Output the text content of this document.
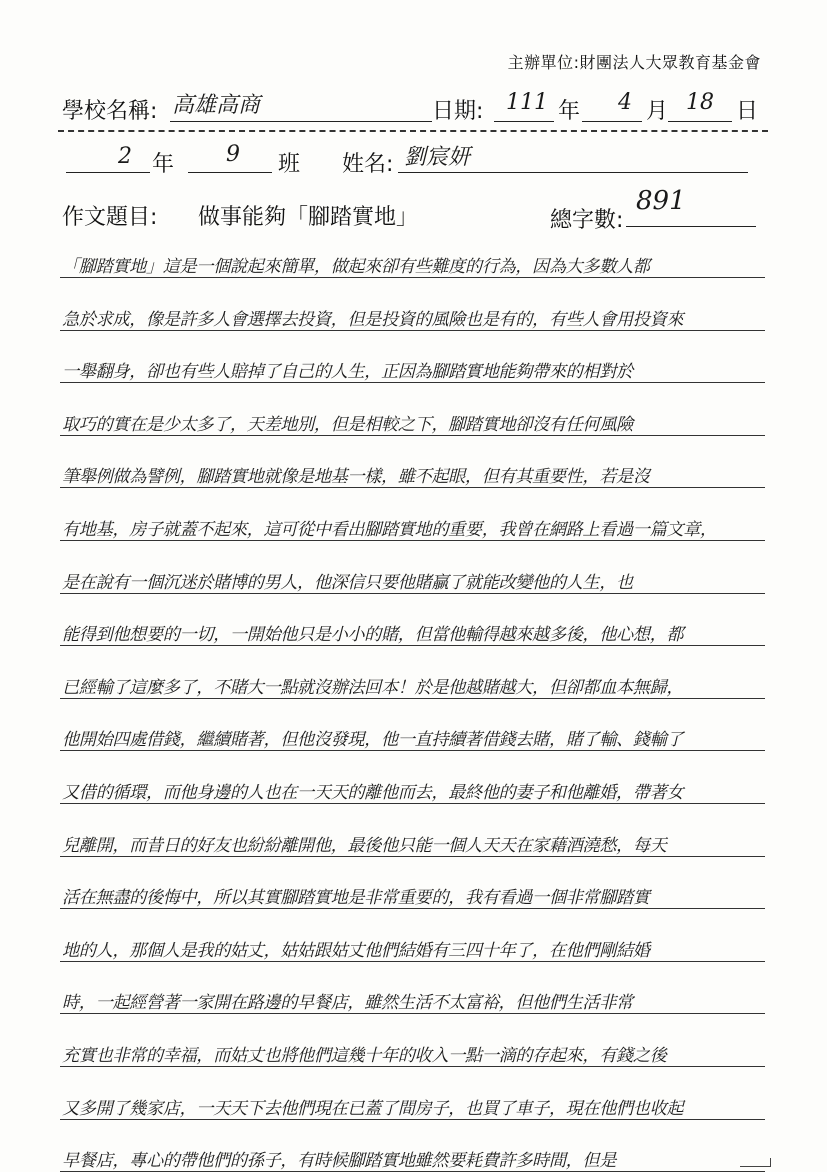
主辦單位:財團法人大眾教育基金會
學校名稱: 高雄高商	日期: 111 年 4 月 18 日
2 年 9 班 姓名: 劉宸妍
作文題目: 做事能夠「腳踏實地」	總字數:
891
「腳踏實地」這是一個說起來簡單，做起來卻有些難度的行為，因為大多數人都
急於求成，像是許多人會選擇去投資，但是投資的風險也是有的，有些人會用投資來
一舉翻身，卻也有些人賠掉了自己的人生，正因為腳踏實地能夠帶來的相對於
取巧的實在是少太多了，天差地別，但是相較之下，腳踏實地卻沒有任何風險
筆舉例做為譬例，腳踏實地就像是地基一樣，雖不起眼，但有其重要性，若是沒
有地基，房子就蓋不起來，這可從中看出腳踏實地的重要，我曾在網路上看過一篇文章，
是在說有一個沉迷於賭博的男人，他深信只要他賭贏了就能改變他的人生，也
能得到他想要的一切，一開始他只是小小的賭，但當他輸得越來越多後，他心想，都
已經輸了這麼多了，不賭大一點就沒辦法回本！於是他越賭越大，但卻都血本無歸，
他開始四處借錢，繼續賭著，但他沒發現，他一直持續著借錢去賭，賭了輸、錢輸了
又借的循環，而他身邊的人也在一天天的離他而去，最終他的妻子和他離婚，帶著女
兒離開，而昔日的好友也紛紛離開他，最後他只能一個人天天在家藉酒澆愁，每天
活在無盡的後悔中，所以其實腳踏實地是非常重要的，我有看過一個非常腳踏實
地的人，那個人是我的姑丈，姑姑跟姑丈他們結婚有三四十年了，在他們剛結婚
時，一起經營著一家開在路邊的早餐店，雖然生活不太富裕，但他們生活非常
充實也非常的幸福，而姑丈也將他們這幾十年的收入一點一滴的存起來，有錢之後
又多開了幾家店，一天天下去他們現在已蓋了間房子，也買了車子，現在他們也收起
早餐店，專心的帶他們的孫子，有時候腳踏實地雖然要耗費許多時間，但是
